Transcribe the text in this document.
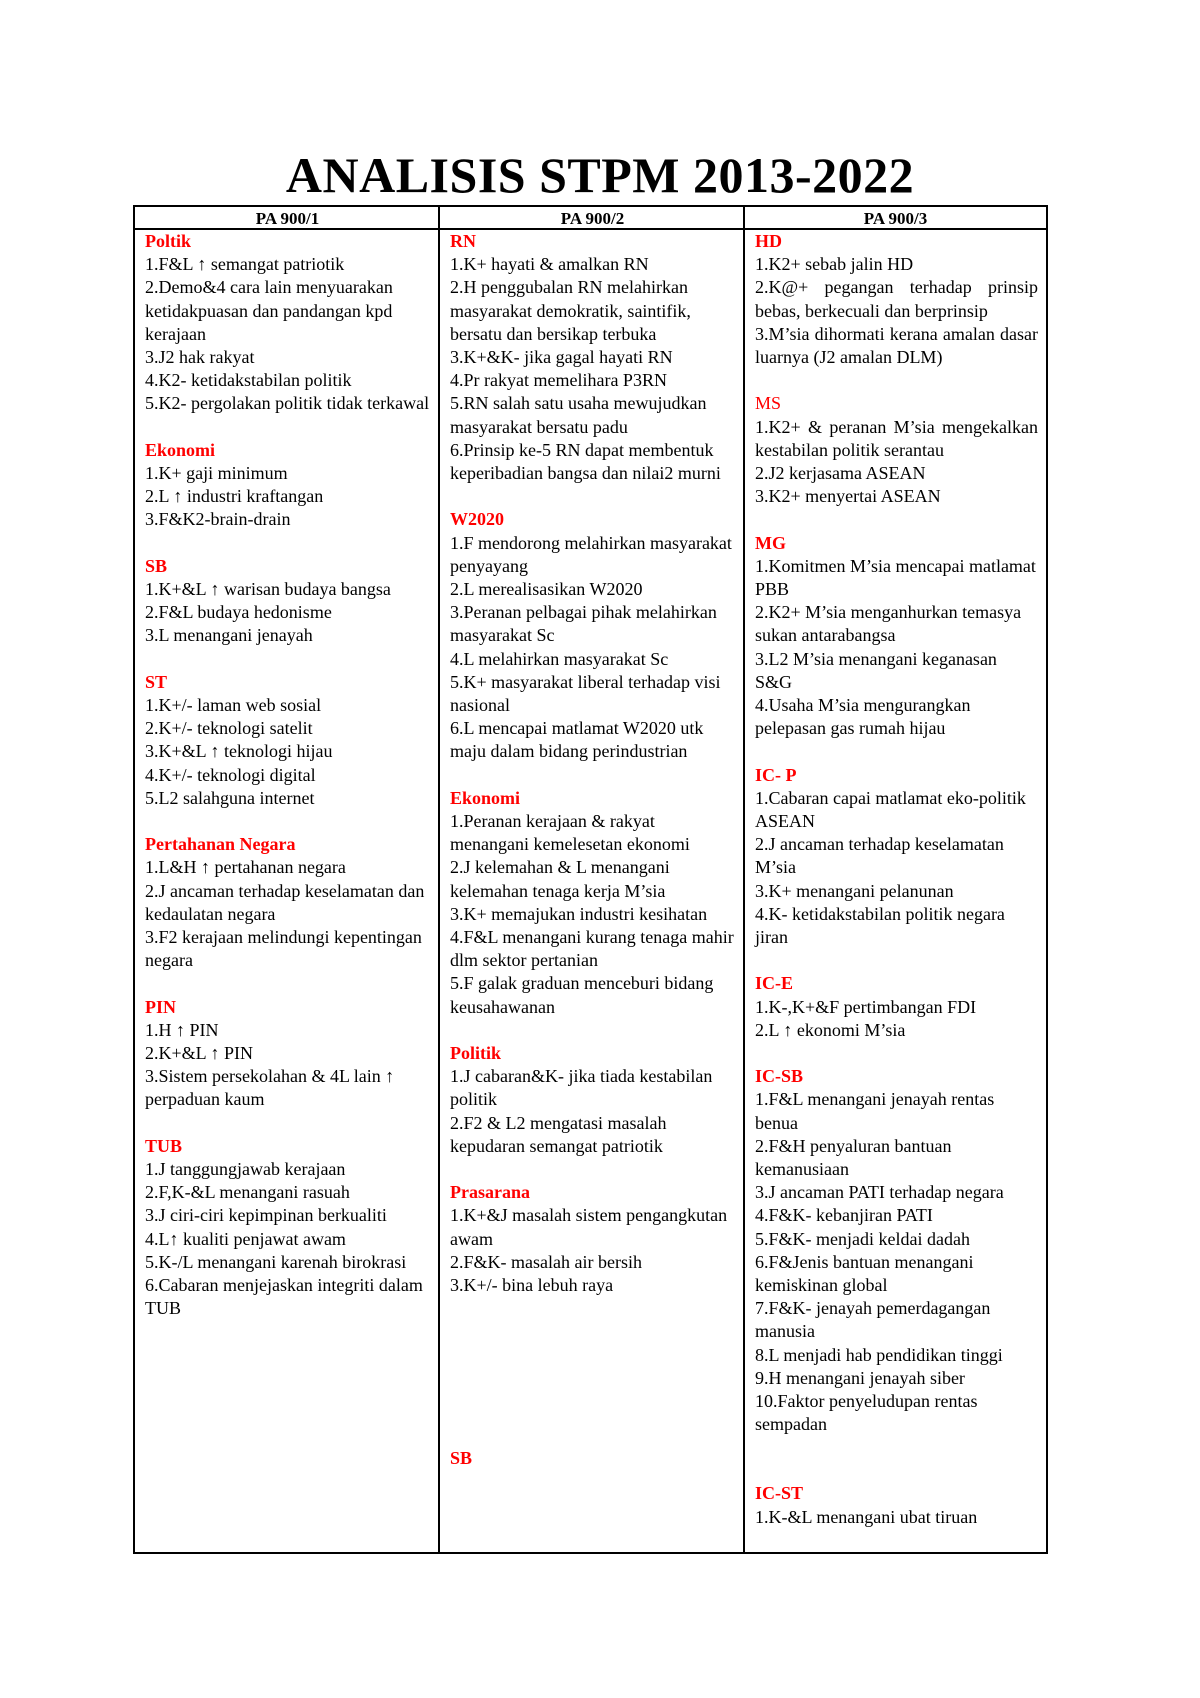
ANALISIS STPM 2013-2022
PA 900/1	PA 900/2	PA 900/3
Poltik
1.F&L ↑ semangat patriotik
2.Demo&4 cara lain menyuarakan ketidakpuasan dan pandangan kpd kerajaan
3.J2 hak rakyat
4.K2- ketidakstabilan politik
5.K2- pergolakan politik tidak terkawal
Ekonomi
1.K+ gaji minimum
2.L ↑ industri kraftangan
3.F&K2-brain-drain
SB
1.K+&L ↑ warisan budaya bangsa
2.F&L budaya hedonisme
3.L menangani jenayah
ST
1.K+/- laman web sosial
2.K+/- teknologi satelit
3.K+&L ↑ teknologi hijau
4.K+/- teknologi digital
5.L2 salahguna internet
Pertahanan Negara
1.L&H ↑ pertahanan negara
2.J ancaman terhadap keselamatan dan kedaulatan negara
3.F2 kerajaan melindungi kepentingan negara
PIN
1.H ↑ PIN
2.K+&L ↑ PIN
3.Sistem persekolahan & 4L lain ↑ perpaduan kaum
TUB
1.J tanggungjawab kerajaan
2.F,K-&L menangani rasuah
3.J ciri-ciri kepimpinan berkualiti
4.L↑ kualiti penjawat awam
5.K-/L menangani karenah birokrasi
6.Cabaran menjejaskan integriti dalam TUB
RN
1.K+ hayati & amalkan RN
2.H penggubalan RN melahirkan masyarakat demokratik, saintifik, bersatu dan bersikap terbuka
3.K+&K- jika gagal hayati RN
4.Pr rakyat memelihara P3RN
5.RN salah satu usaha mewujudkan masyarakat bersatu padu
6.Prinsip ke-5 RN dapat membentuk keperibadian bangsa dan nilai2 murni
W2020
1.F mendorong melahirkan masyarakat penyayang
2.L merealisasikan W2020
3.Peranan pelbagai pihak melahirkan masyarakat Sc
4.L melahirkan masyarakat Sc
5.K+ masyarakat liberal terhadap visi nasional
6.L mencapai matlamat W2020 utk maju dalam bidang perindustrian
Ekonomi
1.Peranan kerajaan & rakyat menangani kemelesetan ekonomi
2.J kelemahan & L menangani kelemahan tenaga kerja M’sia
3.K+ memajukan industri kesihatan
4.F&L menangani kurang tenaga mahir dlm sektor pertanian
5.F galak graduan menceburi bidang keusahawanan
Politik
1.J cabaran&K- jika tiada kestabilan politik
2.F2 & L2 mengatasi masalah kepudaran semangat patriotik
Prasarana
1.K+&J masalah sistem pengangkutan awam
2.F&K- masalah air bersih
3.K+/- bina lebuh raya
SB
HD
1.K2+ sebab jalin HD
2.K@+ pegangan terhadap prinsip bebas, berkecuali dan berprinsip
3.M’sia dihormati kerana amalan dasar luarnya (J2 amalan DLM)
MS
1.K2+ & peranan M’sia mengekalkan kestabilan politik serantau
2.J2 kerjasama ASEAN
3.K2+ menyertai ASEAN
MG
1.Komitmen M’sia mencapai matlamat PBB
2.K2+ M’sia menganhurkan temasya sukan antarabangsa
3.L2 M’sia menangani keganasan S&G
4.Usaha M’sia mengurangkan pelepasan gas rumah hijau
IC- P
1.Cabaran capai matlamat eko-politik ASEAN
2.J ancaman terhadap keselamatan M’sia
3.K+ menangani pelanunan
4.K- ketidakstabilan politik negara jiran
IC-E
1.K-,K+&F pertimbangan FDI
2.L ↑ ekonomi M’sia
IC-SB
1.F&L menangani jenayah rentas benua
2.F&H penyaluran bantuan kemanusiaan
3.J ancaman PATI terhadap negara
4.F&K- kebanjiran PATI
5.F&K- menjadi keldai dadah
6.F&Jenis bantuan menangani kemiskinan global
7.F&K- jenayah pemerdagangan manusia
8.L menjadi hab pendidikan tinggi
9.H menangani jenayah siber
10.Faktor penyeludupan rentas sempadan
IC-ST
1.K-&L menangani ubat tiruan
